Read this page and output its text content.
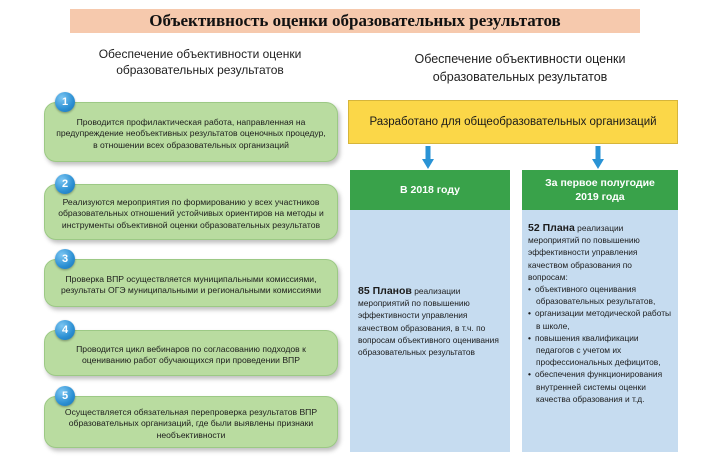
Объективность оценки образовательных результатов
Обеспечение объективности оценки образовательных результатов
Обеспечение объективности оценки образовательных результатов
1
Проводится профилактическая работа, направленная на предупреждение необъективных результатов оценочных процедур, в отношении всех образовательных организаций
2
Реализуются мероприятия по формированию у всех участников образовательных отношений устойчивых ориентиров на методы и инструменты объективной оценки образовательных результатов
3
Проверка ВПР осуществляется муниципальными комиссиями, результаты ОГЭ муниципальными и региональными комиссиями
4
Проводится цикл вебинаров по согласованию подходов к оцениванию работ обучающихся при проведении ВПР
5
Осуществляется обязательная перепроверка результатов ВПР образовательных организаций, где были выявлены признаки необъективности
Разработано для общеобразовательных организаций
В 2018 году
85 Планов реализации мероприятий по повышению эффективности управления качеством образования, в т.ч. по вопросам объективного оценивания образовательных результатов
За первое полугодие 2019 года
52 Плана реализации мероприятий по повышению эффективности управления качеством образования по вопросам:
• объективного оценивания образовательных результатов,
• организации методической работы в школе,
• повышения квалификации педагогов с учетом их профессиональных дефицитов,
• обеспечения функционирования внутренней системы оценки качества образования и т.д.
